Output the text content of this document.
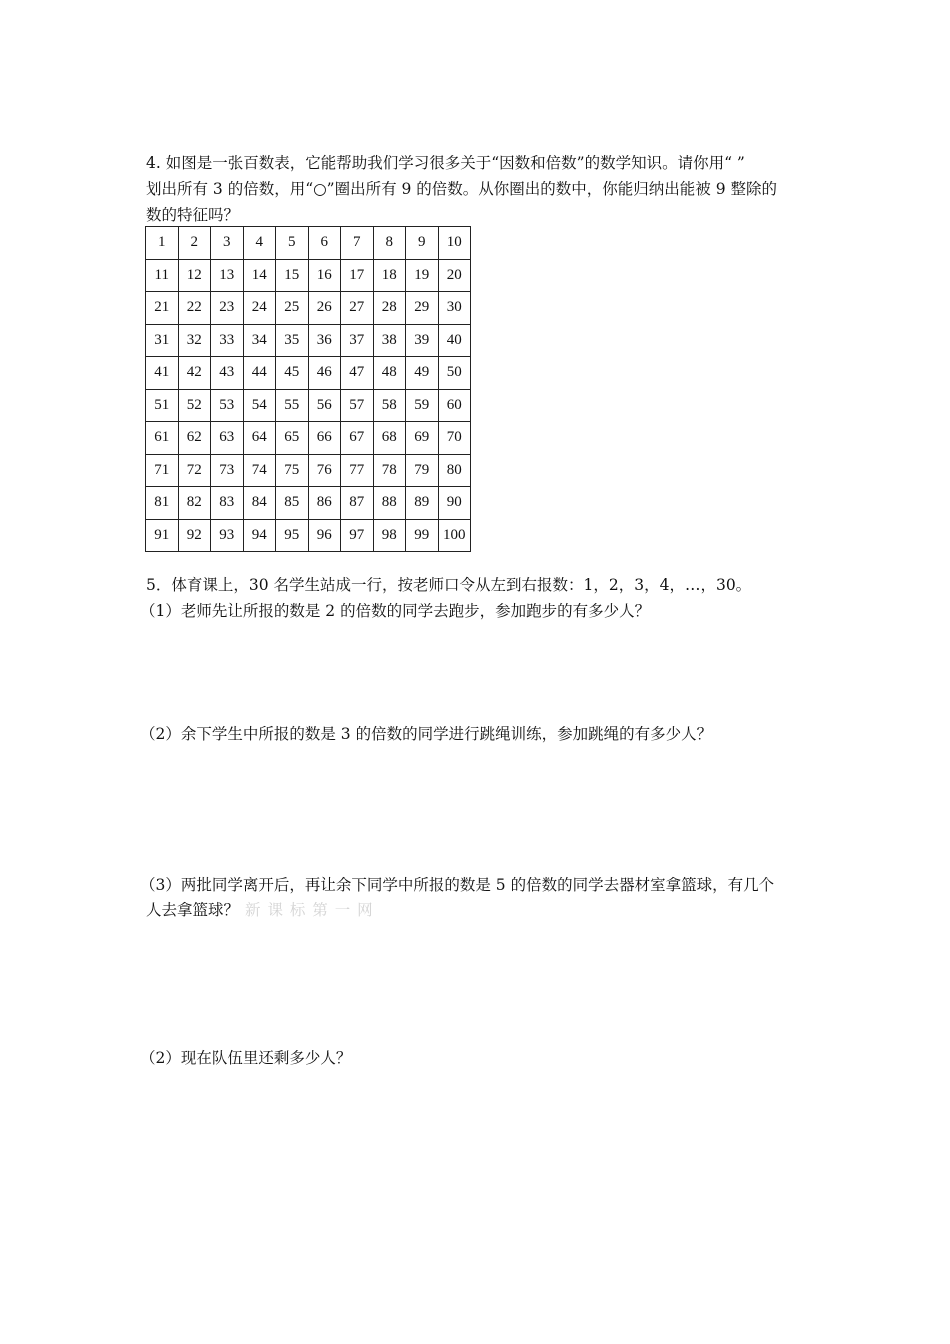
4. 如图是一张百数表，它能帮助我们学习很多关于“因数和倍数”的数学知识。请你用“ ”

划出所有 3 的倍数，用“○”圈出所有 9 的倍数。从你圈出的数中，你能归纳出能被 9 整除的

数的特征吗？

1	2	3	4	5	6	7	8	9	10
11	12	13	14	15	16	17	18	19	20
21	22	23	24	25	26	27	28	29	30
31	32	33	34	35	36	37	38	39	40
41	42	43	44	45	46	47	48	49	50
51	52	53	54	55	56	57	58	59	60
61	62	63	64	65	66	67	68	69	70
71	72	73	74	75	76	77	78	79	80
81	82	83	84	85	86	87	88	89	90
91	92	93	94	95	96	97	98	99	100
5．体育课上，30 名学生站成一行，按老师口令从左到右报数：1，2，3，4，…，30。
（1）老师先让所报的数是 2 的倍数的同学去跑步，参加跑步的有多少人？
（2）余下学生中所报的数是 3 的倍数的同学进行跳绳训练，参加跳绳的有多少人？
（3）两批同学离开后，再让余下同学中所报的数是 5 的倍数的同学去器材室拿篮球，有几个
人去拿篮球？ 新 课 标 第 一 网
（2）现在队伍里还剩多少人？
